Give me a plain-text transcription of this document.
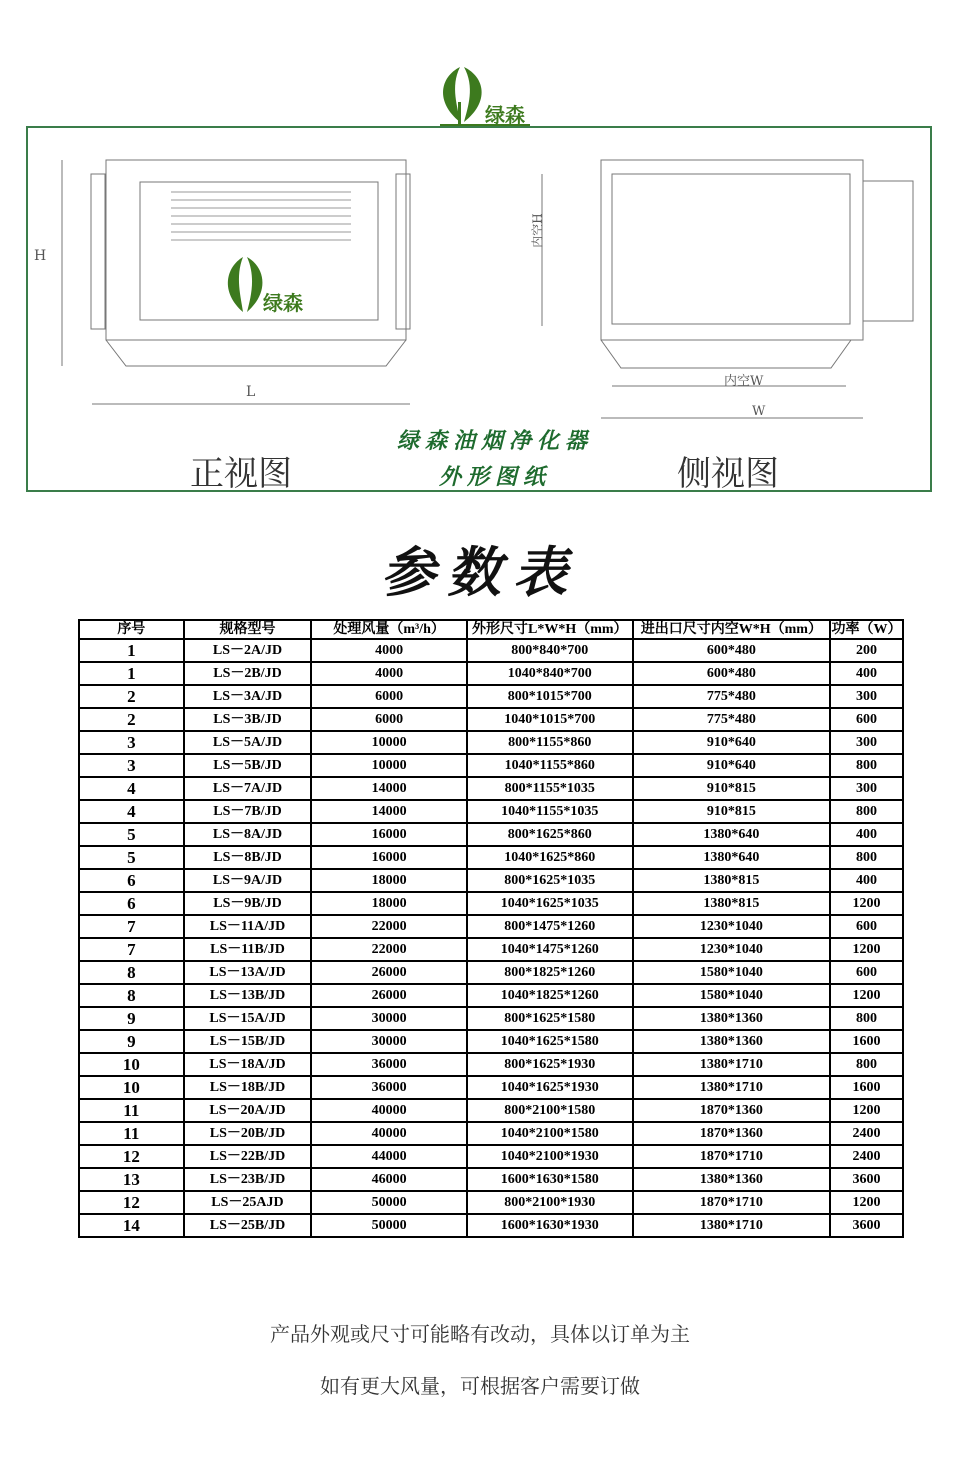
绿森
绿森
H
L
内空H
内空W
W
正视图	侧视图
绿森油烟净化器
外形图纸
参数表
序号	规格型号	处理风量（m³/h）	外形尺寸L*W*H（mm）	进出口尺寸内空W*H（mm）	功率（W）
1	LS－2A/JD	4000	800*840*700	600*480	200
1	LS－2B/JD	4000	1040*840*700	600*480	400
2	LS－3A/JD	6000	800*1015*700	775*480	300
2	LS－3B/JD	6000	1040*1015*700	775*480	600
3	LS－5A/JD	10000	800*1155*860	910*640	300
3	LS－5B/JD	10000	1040*1155*860	910*640	800
4	LS－7A/JD	14000	800*1155*1035	910*815	300
4	LS－7B/JD	14000	1040*1155*1035	910*815	800
5	LS－8A/JD	16000	800*1625*860	1380*640	400
5	LS－8B/JD	16000	1040*1625*860	1380*640	800
6	LS－9A/JD	18000	800*1625*1035	1380*815	400
6	LS－9B/JD	18000	1040*1625*1035	1380*815	1200
7	LS－11A/JD	22000	800*1475*1260	1230*1040	600
7	LS－11B/JD	22000	1040*1475*1260	1230*1040	1200
8	LS－13A/JD	26000	800*1825*1260	1580*1040	600
8	LS－13B/JD	26000	1040*1825*1260	1580*1040	1200
9	LS－15A/JD	30000	800*1625*1580	1380*1360	800
9	LS－15B/JD	30000	1040*1625*1580	1380*1360	1600
10	LS－18A/JD	36000	800*1625*1930	1380*1710	800
10	LS－18B/JD	36000	1040*1625*1930	1380*1710	1600
11	LS－20A/JD	40000	800*2100*1580	1870*1360	1200
11	LS－20B/JD	40000	1040*2100*1580	1870*1360	2400
12	LS－22B/JD	44000	1040*2100*1930	1870*1710	2400
13	LS－23B/JD	46000	1600*1630*1580	1380*1360	3600
12	LS－25AJD	50000	800*2100*1930	1870*1710	1200
14	LS－25B/JD	50000	1600*1630*1930	1380*1710	3600
产品外观或尺寸可能略有改动，具体以订单为主
如有更大风量，可根据客户需要订做
